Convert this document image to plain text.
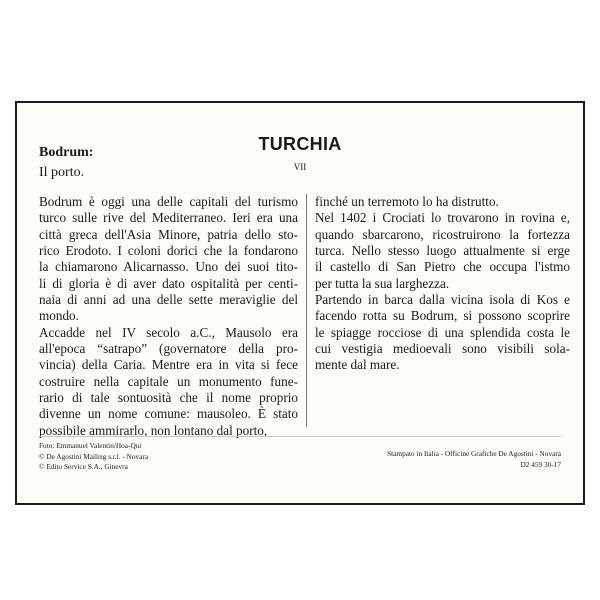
Bodrum:
Il porto.
TURCHIA
VII

Bodrum è oggi una delle capitali del turismo
turco sulle rive del Mediterraneo. Ieri era una
città greca dell'Asia Minore, patria dello sto-
rico Erodoto. I coloni dorici che la fondarono
la chiamarono Alicarnasso. Uno dei suoi tito-
li di gloria è di aver dato ospitalità per centi-
naia di anni ad una delle sette meraviglie del
mondo.

Accadde nel IV secolo a.C., Mausolo era
all'epoca “satrapo” (governatore della pro-
vincia) della Caria. Mentre era in vita si fece
costruire nella capitale un monumento fune-
rario di tale sontuosità che il nome proprio
divenne un nome comune: mausoleo. È stato
possibile ammirarlo, non lontano dal porto,

finché un terremoto lo ha distrutto.

Nel 1402 i Crociati lo trovarono in rovina e,
quando sbarcarono, ricostruirono la fortezza
turca. Nello stesso luogo attualmente si erge
il castello di San Pietro che occupa l'istmo
per tutta la sua larghezza.

Partendo in barca dalla vicina isola di Kos e
facendo rotta su Bodrum, si possono scoprire
le spiagge rocciose di una splendida costa le
cui vestigia medioevali sono visibili sola-
mente dal mare.

Foto: Emmanuel Valentin/Hoa-Qui
© De Agostini Mailing s.r.l. - Novara
© Edito Service S.A., Ginevra
Stampato in Italia - Officine Grafiche De Agostini - Novara
D2 459 30-17
